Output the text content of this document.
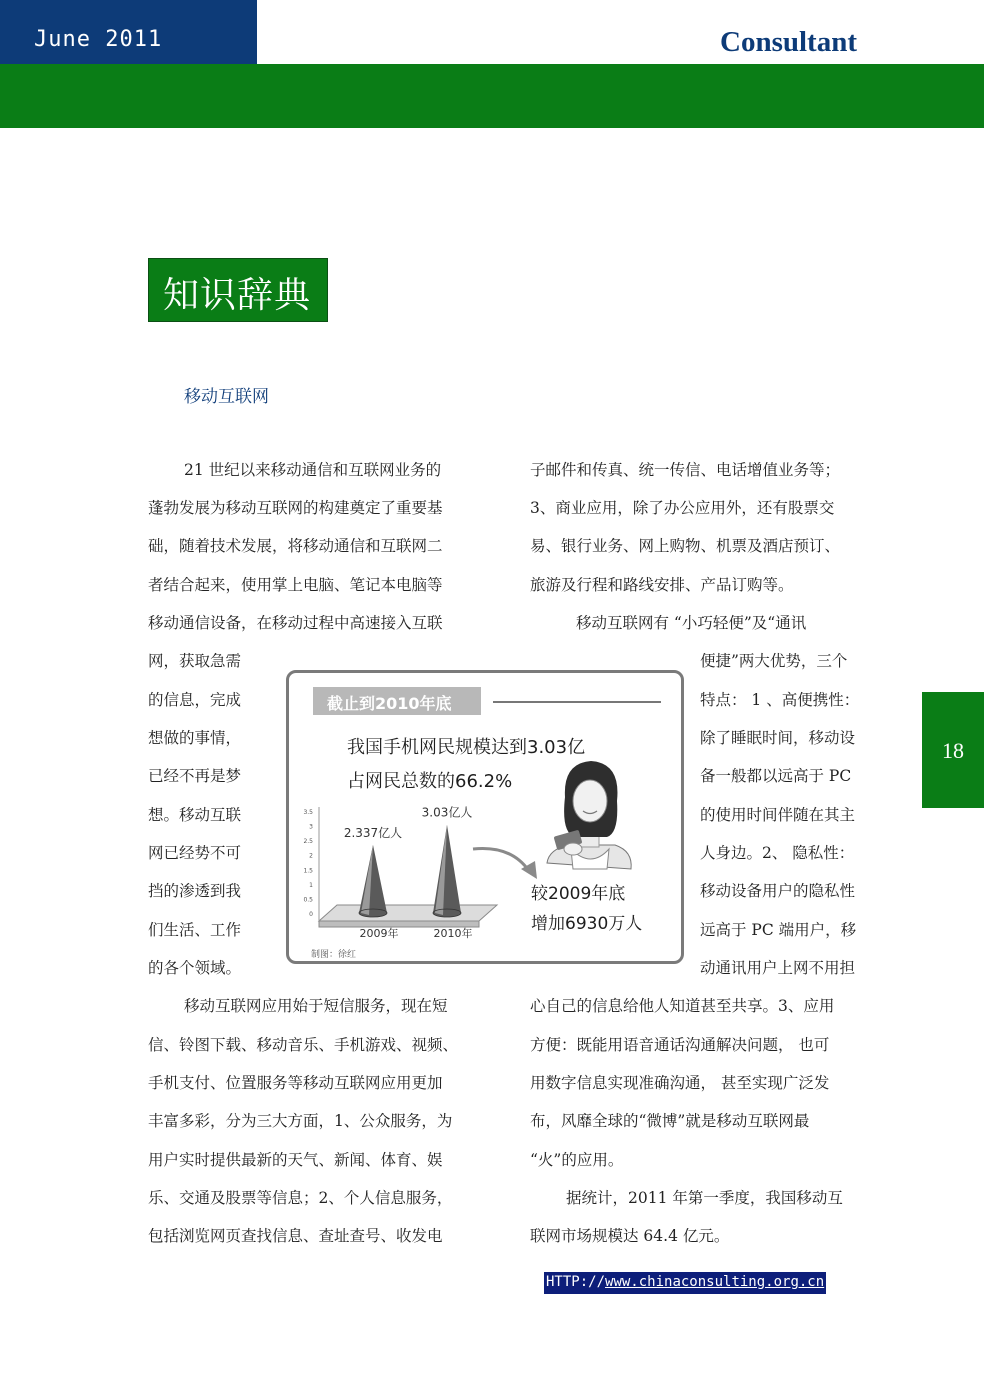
June 2011	Consultant
18
知识辞典
移动互联网
21 世纪以来移动通信和互联网业务的
蓬勃发展为移动互联网的构建奠定了重要基
础，随着技术发展，将移动通信和互联网二
者结合起来，使用掌上电脑、笔记本电脑等
移动通信设备，在移动过程中高速接入互联
网，获取急需
的信息，完成
想做的事情，
已经不再是梦
想。移动互联
网已经势不可
挡的渗透到我
们生活、工作
的各个领域。
移动互联网应用始于短信服务，现在短
信、铃图下载、移动音乐、手机游戏、视频、
手机支付、位置服务等移动互联网应用更加
丰富多彩，分为三大方面，1、公众服务，为
用户实时提供最新的天气、新闻、体育、娱
乐、交通及股票等信息；2、个人信息服务，
包括浏览网页查找信息、查址查号、收发电
子邮件和传真、统一传信、电话增值业务等；
3、商业应用，除了办公应用外，还有股票交
易、银行业务、网上购物、机票及酒店预订、
旅游及行程和路线安排、产品订购等。
移动互联网有 “小巧轻便”及“通讯
便捷”两大优势，三个
特点： 1 、高便携性：
除了睡眠时间，移动设
备一般都以远高于 PC
的使用时间伴随在其主
人身边。2、 隐私性：
移动设备用户的隐私性
远高于 PC 端用户，移
动通讯用户上网不用担
心自己的信息给他人知道甚至共享。3、应用
方便：既能用语音通话沟通解决问题， 也可
用数字信息实现准确沟通， 甚至实现广泛发
布，风靡全球的“微博”就是移动互联网最
“火”的应用。
据统计，2011 年第一季度，我国移动互
联网市场规模达 64.4 亿元。
截止到2010年底
我国手机网民规模达到3.03亿
占网民总数的66.2%
0
0.5
1
1.5
2
2.5
3
3.5
2.337亿人
2009年
3.03亿人
2010年
较2009年底
增加6930万人
制图：徐红
HTTP://www.chinaconsulting.org.cn
